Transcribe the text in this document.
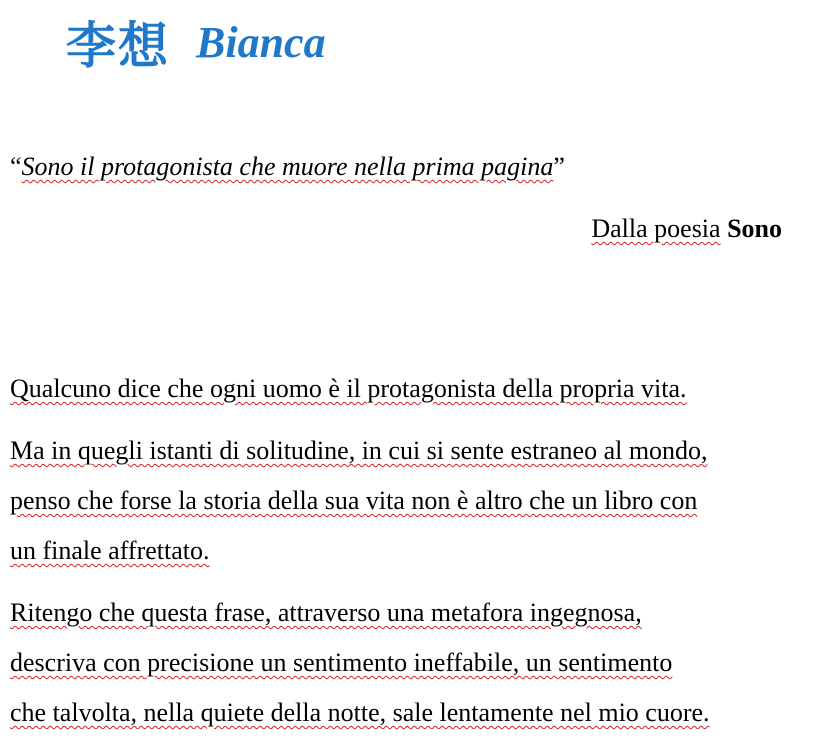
李想 Bianca
“Sono il protagonista che muore nella prima pagina”
Dalla poesia Sono
Qualcuno dice che ogni uomo è il protagonista della propria vita.
Ma in quegli istanti di solitudine, in cui si sente estraneo al mondo,
penso che forse la storia della sua vita non è altro che un libro con
un finale affrettato.
Ritengo che questa frase, attraverso una metafora ingegnosa,
descriva con precisione un sentimento ineffabile, un sentimento
che talvolta, nella quiete della notte, sale lentamente nel mio cuore.
